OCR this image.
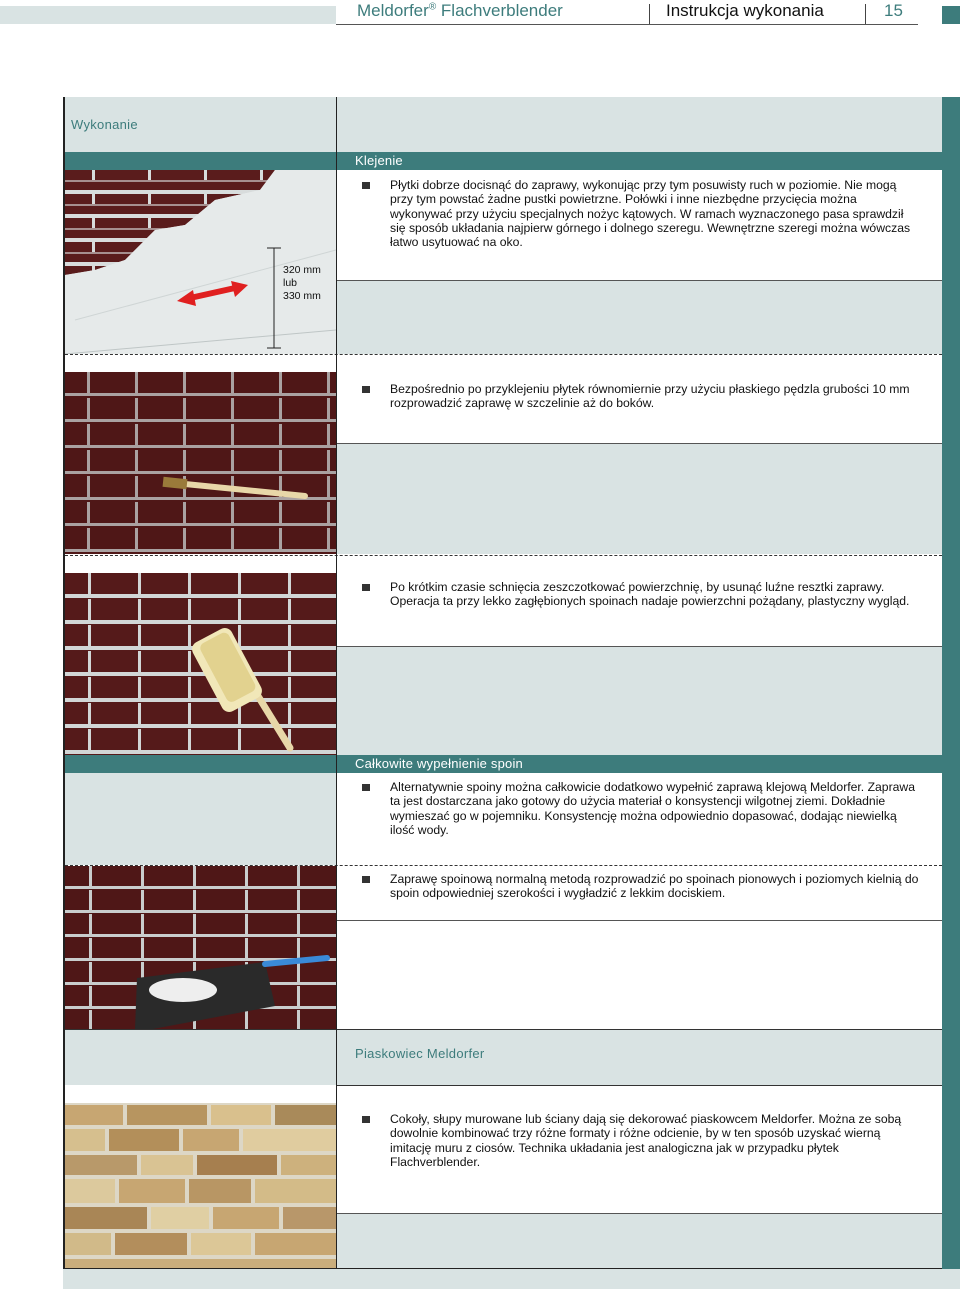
Meldorfer® Flachverblender	Instrukcja wykonania	15
Wykonanie
Klejenie
320 mm
lub
330 mm
Płytki dobrze docisnąć do zaprawy, wykonując przy tym posuwisty ruch w poziomie. Nie mogą przy tym powstać żadne pustki powietrzne. Połówki i inne niezbędne przycięcia można wykonywać przy użyciu specjalnych nożyc kątowych. W ramach wyznaczonego pasa sprawdził się sposób układania najpierw górnego i dolnego szeregu. Wewnętrzne szeregi można wówczas łatwo usytuować na oko.
Bezpośrednio po przyklejeniu płytek równomiernie przy użyciu płaskiego pędzla grubości 10 mm rozprowadzić zaprawę w szczelinie aż do boków.
Po krótkim czasie schnięcia zeszczotkować powierzchnię, by usunąć luźne resztki zaprawy. Operacja ta przy lekko zagłębionych spoinach nadaje powierzchni pożądany, plastyczny wygląd.
Całkowite wypełnienie spoin
Alternatywnie spoiny można całkowicie dodatkowo wypełnić zaprawą klejową Meldorfer. Zaprawa ta jest dostarczana jako gotowy do użycia materiał o konsystencji wilgotnej ziemi. Dokładnie wymieszać go w pojemniku. Konsystencję można odpowiednio dopasować, dodając niewielką ilość wody.
Zaprawę spoinową normalną metodą rozprowadzić po spoinach pionowych i poziomych kielnią do spoin odpowiedniej szerokości i wygładzić z lekkim dociskiem.
Piaskowiec Meldorfer
Cokoły, słupy murowane lub ściany dają się dekorować piaskowcem Meldorfer. Można ze sobą dowolnie kombinować trzy różne formaty i różne odcienie, by w ten sposób uzyskać wierną imitację muru z ciosów. Technika układania jest analogiczna jak w przypadku płytek Flachverblender.
